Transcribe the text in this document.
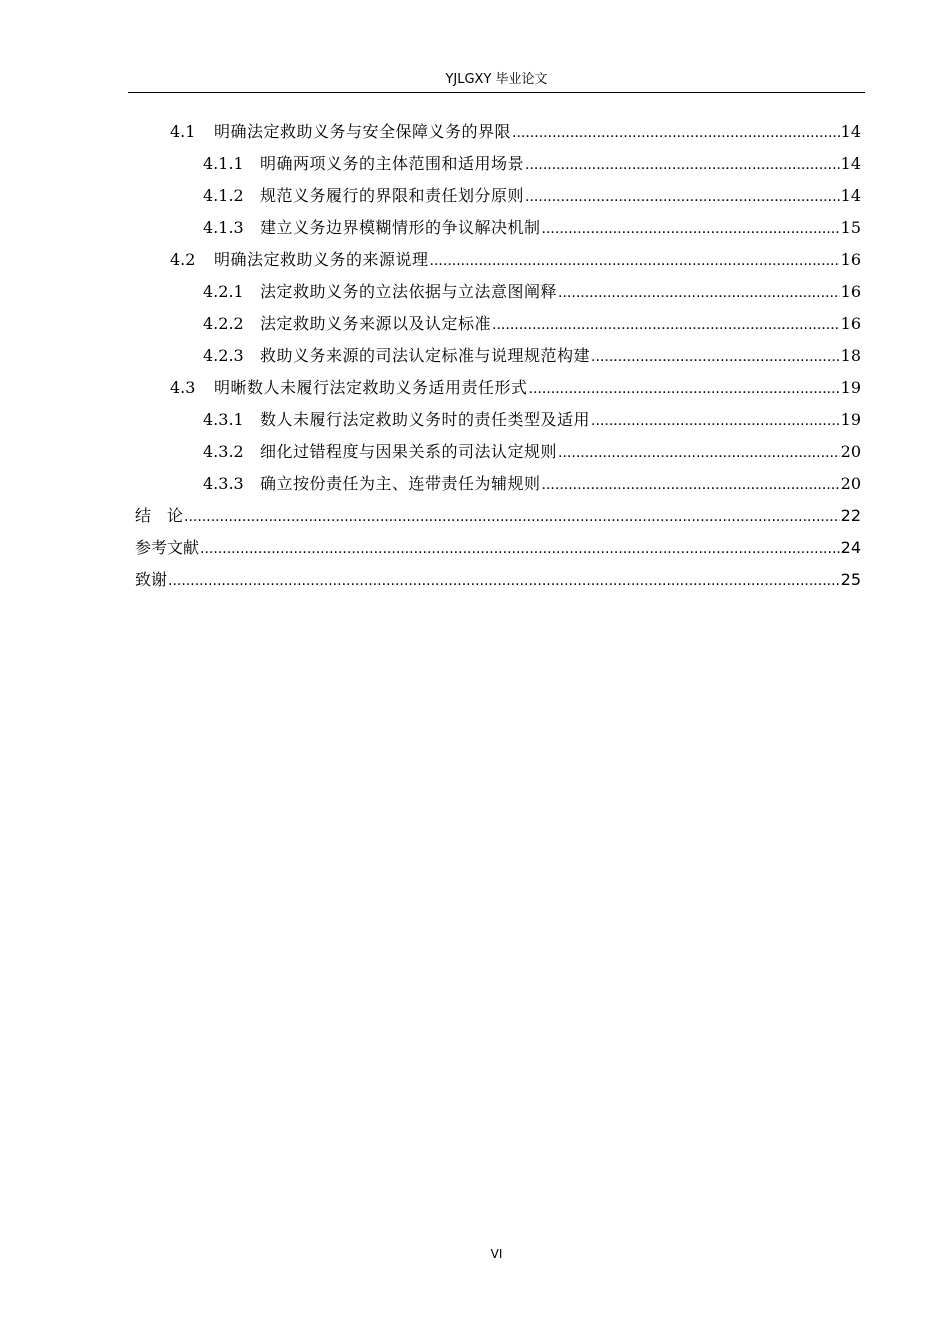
YJLGXY 毕业论文
4.1	明确法定救助义务与安全保障义务的界限 .....	14
4.1.1	明确两项义务的主体范围和适用场景 .....	14
4.1.2	规范义务履行的界限和责任划分原则 .....	14
4.1.3	建立义务边界模糊情形的争议解决机制 .....	15
4.2	明确法定救助义务的来源说理 .....	16
4.2.1	法定救助义务的立法依据与立法意图阐释 .....	16
4.2.2	法定救助义务来源以及认定标准 .....	16
4.2.3	救助义务来源的司法认定标准与说理规范构建 .....	18
4.3	明晰数人未履行法定救助义务适用责任形式 .....	19
4.3.1	数人未履行法定救助义务时的责任类型及适用 .....	19
4.3.2	细化过错程度与因果关系的司法认定规则 .....	20
4.3.3	确立按份责任为主、连带责任为辅规则 .....	20
结　论 .....	22
参考文献 .....	24
致谢 .....	25
VI
